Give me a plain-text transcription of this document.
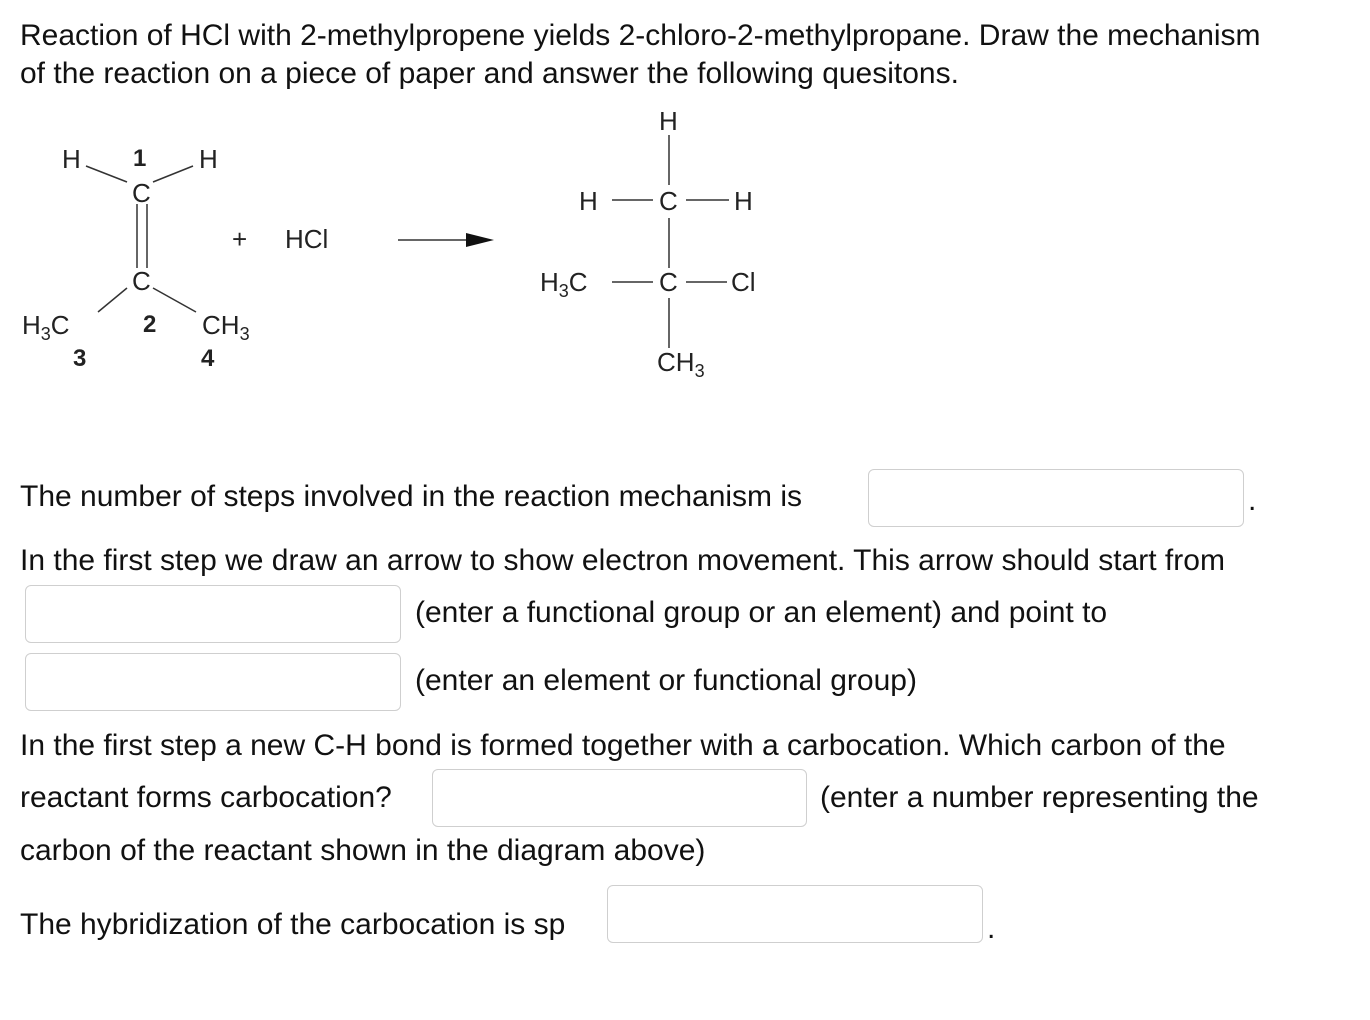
Reaction of HCl with 2-methylpropene yields 2-chloro-2-methylpropane. Draw the mechanism
of the reaction on a piece of paper and answer the following quesitons.
H 1 H
C
C
$H_3C$	2 $CH_3$
3	4
+ HCl
H
H C H
$H_3C$	C Cl
$CH_3$
The number of steps involved in the reaction mechanism is	.
In the first step we draw an arrow to show electron movement. This arrow should start from
(enter a functional group or an element) and point to
(enter an element or functional group)
In the first step a new C-H bond is formed together with a carbocation. Which carbon of the
reactant forms carbocation?	(enter a number representing the
carbon of the reactant shown in the diagram above)
The hybridization of the carbocation is sp	.
